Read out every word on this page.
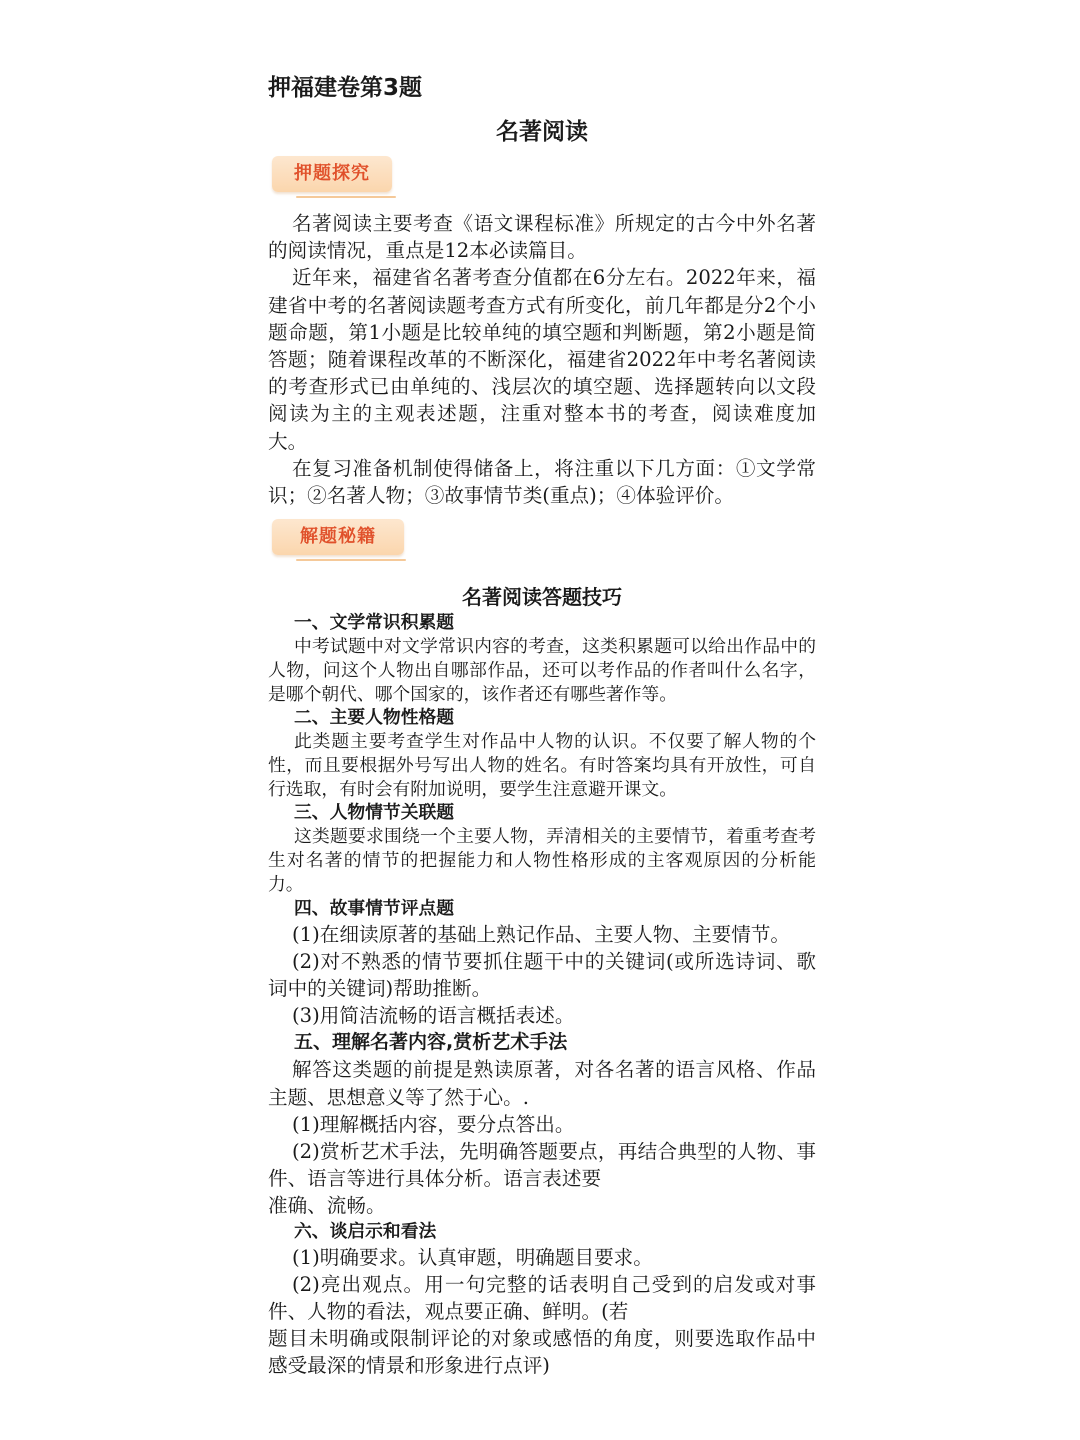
押福建卷第3题
名著阅读
押题探究

名著阅读主要考查《语文课程标准》所规定的古今中外名著的阅读情况，重点是12本必读篇目。

近年来，福建省名著考查分值都在6分左右。2022年来，福建省中考的名著阅读题考查方式有所变化，前几年都是分2个小题命题，第1小题是比较单纯的填空题和判断题，第2小题是简答题；随着课程改革的不断深化，福建省2022年中考名著阅读的考查形式已由单纯的、浅层次的填空题、选择题转向以文段阅读为主的主观表述题，注重对整本书的考查，阅读难度加大。

在复习准备机制使得储备上，将注重以下几方面：①文学常识；②名著人物；③故事情节类(重点)；④体验评价。

解题秘籍
名著阅读答题技巧
一、文学常识积累题

中考试题中对文学常识内容的考查，这类积累题可以给出作品中的人物，问这个人物出自哪部作品，还可以考作品的作者叫什么名字，是哪个朝代、哪个国家的，该作者还有哪些著作等。

二、主要人物性格题

此类题主要考查学生对作品中人物的认识。不仅要了解人物的个性，而且要根据外号写出人物的姓名。有时答案均具有开放性，可自行选取，有时会有附加说明，要学生注意避开课文。

三、人物情节关联题

这类题要求围绕一个主要人物，弄清相关的主要情节，着重考查考生对名著的情节的把握能力和人物性格形成的主客观原因的分析能力。

四、故事情节评点题

(1)在细读原著的基础上熟记作品、主要人物、主要情节。

(2)对不熟悉的情节要抓住题干中的关键词(或所选诗词、歌词中的关键词)帮助推断。

(3)用简洁流畅的语言概括表述。

五、理解名著内容,赏析艺术手法

解答这类题的前提是熟读原著，对各名著的语言风格、作品主题、思想意义等了然于心。.

(1)理解概括内容，要分点答出。

(2)赏析艺术手法，先明确答题要点，再结合典型的人物、事件、语言等进行具体分析。语言表述要

准确、流畅。

六、谈启示和看法

(1)明确要求。认真审题，明确题目要求。

(2)亮出观点。用一句完整的话表明自己受到的启发或对事件、人物的看法，观点要正确、鲜明。(若

题目未明确或限制评论的对象或感悟的角度，则要选取作品中感受最深的情景和形象进行点评)
